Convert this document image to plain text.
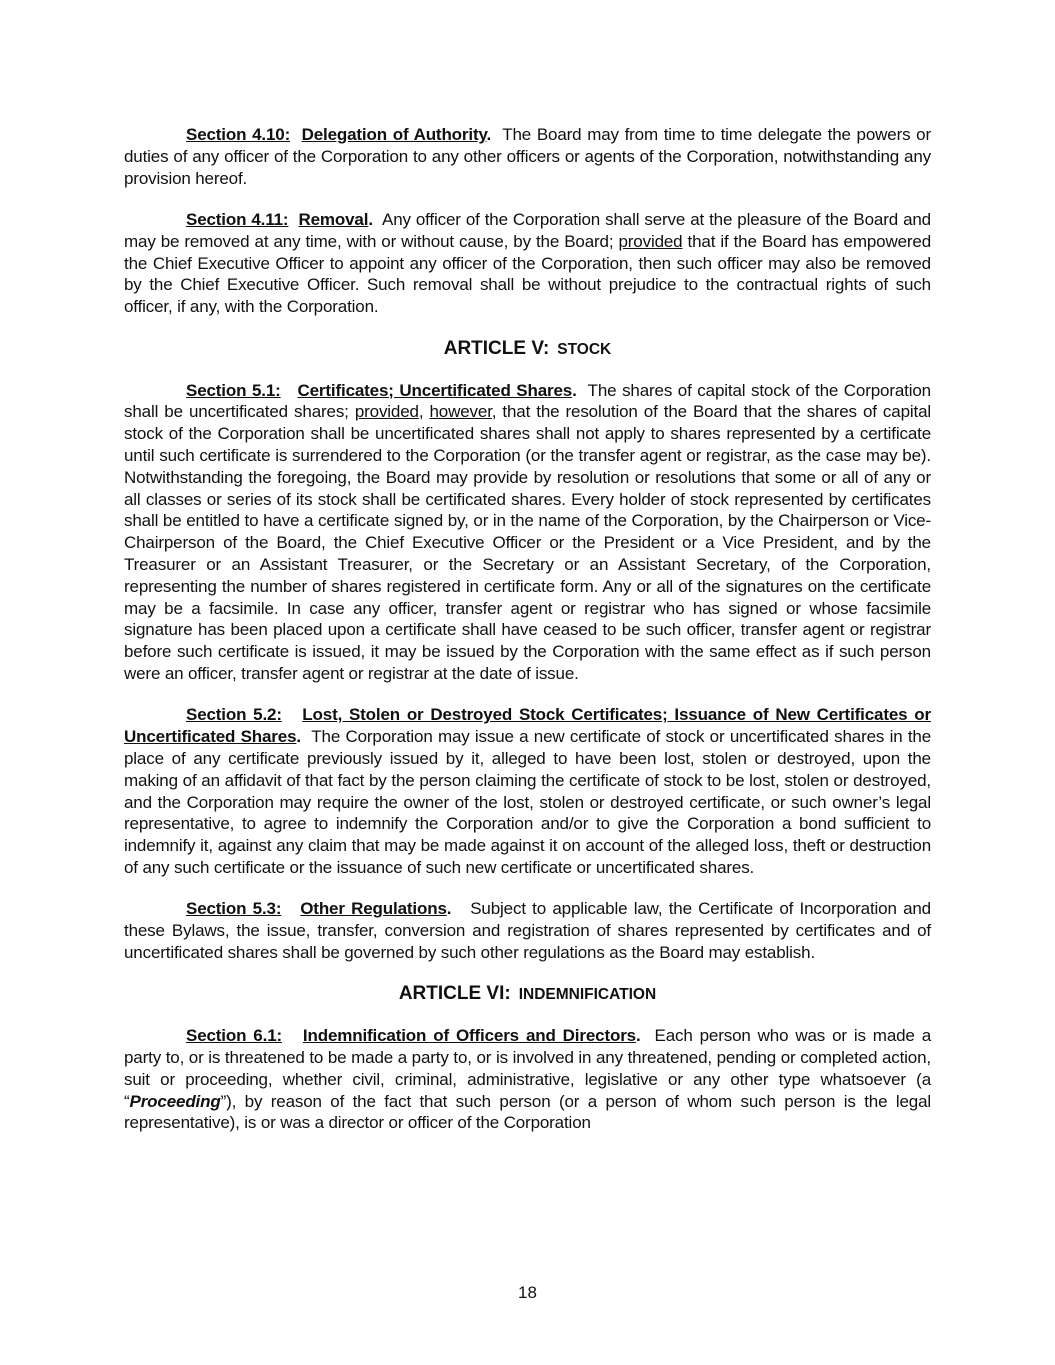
Section 4.10: Delegation of Authority. The Board may from time to time delegate the powers or duties of any officer of the Corporation to any other officers or agents of the Corporation, notwithstanding any provision hereof.

Section 4.11: Removal. Any officer of the Corporation shall serve at the pleasure of the Board and may be removed at any time, with or without cause, by the Board; provided that if the Board has empowered the Chief Executive Officer to appoint any officer of the Corporation, then such officer may also be removed by the Chief Executive Officer. Such removal shall be without prejudice to the contractual rights of such officer, if any, with the Corporation.

ARTICLE V: STOCK

Section 5.1: Certificates; Uncertificated Shares. The shares of capital stock of the Corporation shall be uncertificated shares; provided, however, that the resolution of the Board that the shares of capital stock of the Corporation shall be uncertificated shares shall not apply to shares represented by a certificate until such certificate is surrendered to the Corporation (or the transfer agent or registrar, as the case may be). Notwithstanding the foregoing, the Board may provide by resolution or resolutions that some or all of any or all classes or series of its stock shall be certificated shares. Every holder of stock represented by certificates shall be entitled to have a certificate signed by, or in the name of the Corporation, by the Chairperson or Vice-Chairperson of the Board, the Chief Executive Officer or the President or a Vice President, and by the Treasurer or an Assistant Treasurer, or the Secretary or an Assistant Secretary, of the Corporation, representing the number of shares registered in certificate form. Any or all of the signatures on the certificate may be a facsimile. In case any officer, transfer agent or registrar who has signed or whose facsimile signature has been placed upon a certificate shall have ceased to be such officer, transfer agent or registrar before such certificate is issued, it may be issued by the Corporation with the same effect as if such person were an officer, transfer agent or registrar at the date of issue.

Section 5.2: Lost, Stolen or Destroyed Stock Certificates; Issuance of New Certificates or Uncertificated Shares. The Corporation may issue a new certificate of stock or uncertificated shares in the place of any certificate previously issued by it, alleged to have been lost, stolen or destroyed, upon the making of an affidavit of that fact by the person claiming the certificate of stock to be lost, stolen or destroyed, and the Corporation may require the owner of the lost, stolen or destroyed certificate, or such owner’s legal representative, to agree to indemnify the Corporation and/or to give the Corporation a bond sufficient to indemnify it, against any claim that may be made against it on account of the alleged loss, theft or destruction of any such certificate or the issuance of such new certificate or uncertificated shares.

Section 5.3: Other Regulations. Subject to applicable law, the Certificate of Incorporation and these Bylaws, the issue, transfer, conversion and registration of shares represented by certificates and of uncertificated shares shall be governed by such other regulations as the Board may establish.

ARTICLE VI: INDEMNIFICATION

Section 6.1: Indemnification of Officers and Directors. Each person who was or is made a party to, or is threatened to be made a party to, or is involved in any threatened, pending or completed action, suit or proceeding, whether civil, criminal, administrative, legislative or any other type whatsoever (a “Proceeding”), by reason of the fact that such person (or a person of whom such person is the legal representative), is or was a director or officer of the Corporation

18
